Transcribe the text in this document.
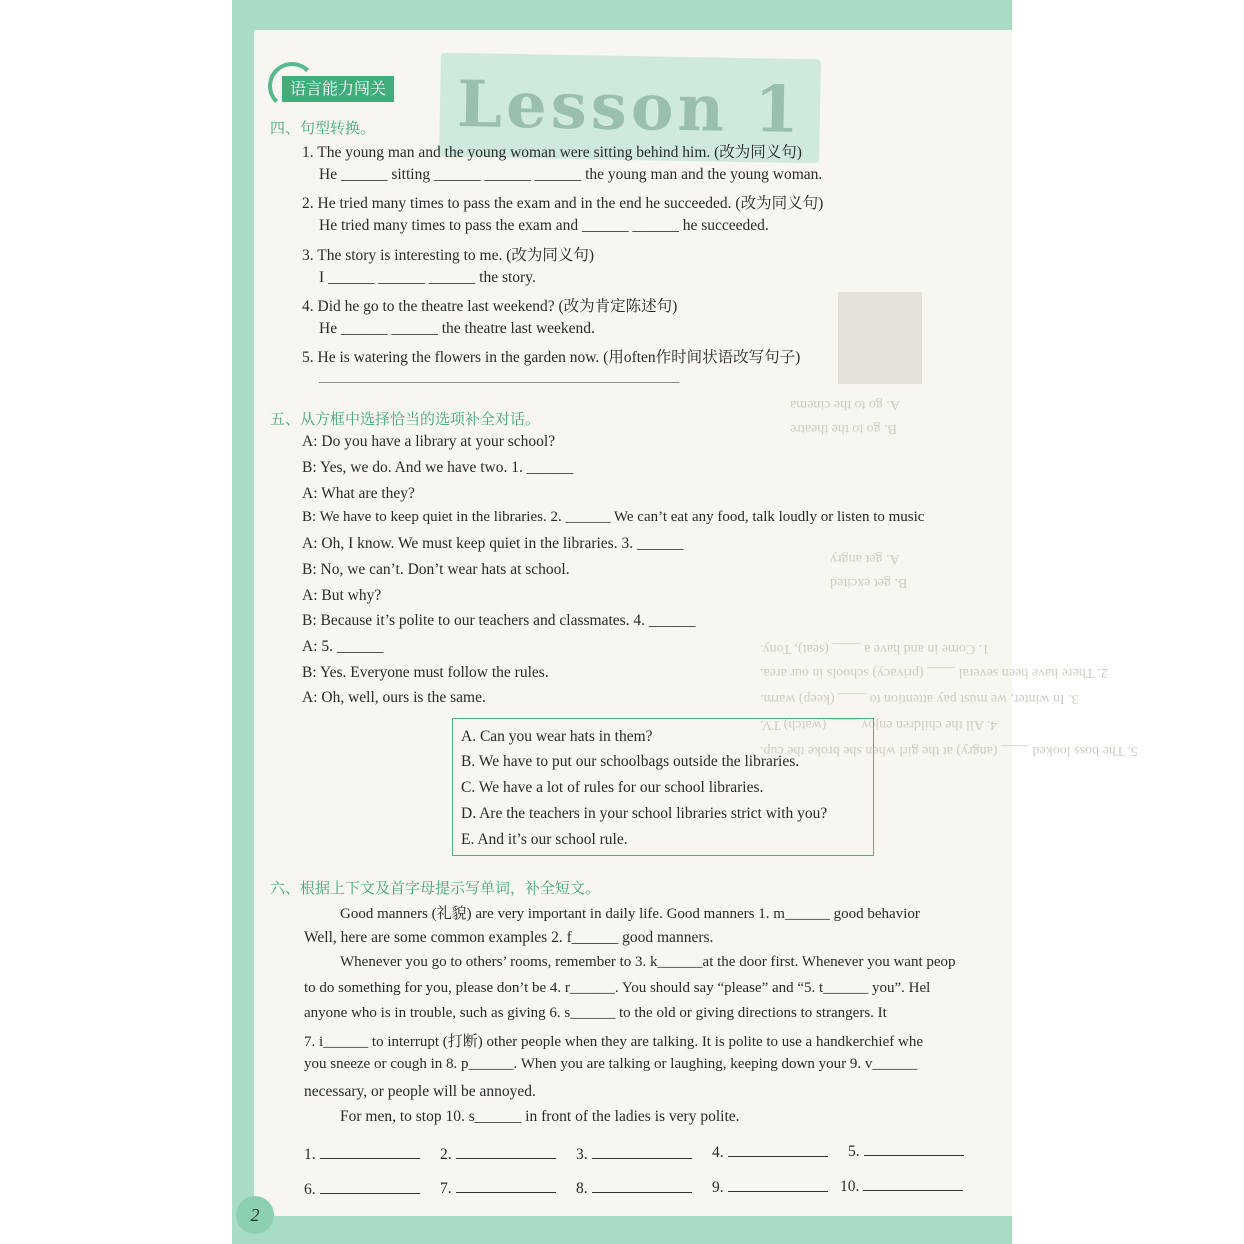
A. go to the cinema
B. go to the theatre
A. get angry
B. get excited
1. Come in and have a ____ (seat), Tony.
2. There have been several ____ (privacy) schools in our area.
3. In winter, we must pay attention to ____ (keep) warm.
4. All the children enjoy ____ (watch) TV.
5. The boss looked ____ (angry) at the girl when she broke the cup.
Lesson 1
语言能力闯关
四、句型转换。
1. The young man and the young woman were sitting behind him. (改为同义句)
He ______ sitting ______ ______ ______ the young man and the young woman.
2. He tried many times to pass the exam and in the end he succeeded. (改为同义句)
He tried many times to pass the exam and ______ ______ he succeeded.
3. The story is interesting to me. (改为同义句)
I ______ ______ ______ the story.
4. Did he go to the theatre last weekend? (改为肯定陈述句)
He ______ ______ the theatre last weekend.
5. He is watering the flowers in the garden now. (用often作时间状语改写句子)
________________________________________________________________________
五、从方框中选择恰当的选项补全对话。
A: Do you have a library at your school?
B: Yes, we do. And we have two. 1. ______
A: What are they?
B: We have to keep quiet in the libraries. 2. ______ We can’t eat any food, talk loudly or listen to music
A: Oh, I know. We must keep quiet in the libraries. 3. ______
B: No, we can’t. Don’t wear hats at school.
A: But why?
B: Because it’s polite to our teachers and classmates. 4. ______
A: 5. ______
B: Yes. Everyone must follow the rules.
A: Oh, well, ours is the same.
A. Can you wear hats in them?
B. We have to put our schoolbags outside the libraries.
C. We have a lot of rules for our school libraries.
D. Are the teachers in your school libraries strict with you?
E. And it’s our school rule.
六、根据上下文及首字母提示写单词，补全短文。
Good manners (礼貌) are very important in daily life. Good manners 1. m______ good behavior
Well, here are some common examples 2. f______ good manners.
Whenever you go to others’ rooms, remember to 3. k______at the door first. Whenever you want peop
to do something for you, please don’t be 4. r______. You should say “please” and “5. t______ you”. Hel
anyone who is in trouble, such as giving 6. s______ to the old or giving directions to strangers. It
7. i______ to interrupt (打断) other people when they are talking. It is polite to use a handkerchief whe
you sneeze or cough in 8. p______. When you are talking or laughing, keeping down your 9. v______
necessary, or people will be annoyed.
For men, to stop 10. s______ in front of the ladies is very polite.
1.	2.	3.	4.	5.
6.	7.	8.	9.	10.
2
